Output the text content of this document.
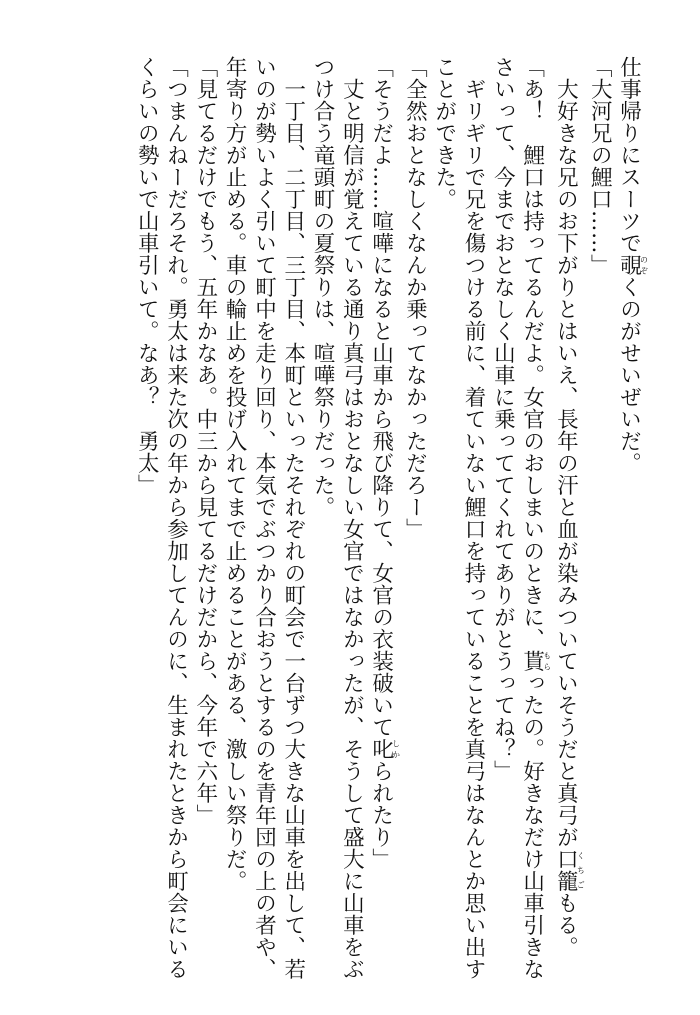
仕事帰りにスーツで覗のぞくのがせいぜいだ。
「大河兄の鯉口……」
　大好きな兄のお下がりとはいえ、長年の汗と血が染みついていそうだと真弓が口籠くちごもる。
「あ！　鯉口は持ってるんだよ。女官のおしまいのときに、貰もらったの。好きなだけ山車引きな
さいって、今までおとなしく山車に乗っててくれてありがとうってね？」
　ギリギリで兄を傷つける前に、着ていない鯉口を持っていることを真弓はなんとか思い出す
ことができた。
「全然おとなしくなんか乗ってなかっただろー」
「そうだよ……喧嘩になると山車から飛び降りて、女官の衣装破いて叱しかられたり」
　丈と明信が覚えている通り真弓はおとなしい女官ではなかったが、そうして盛大に山車をぶ
つけ合う竜頭町の夏祭りは、喧嘩祭りだった。
　一丁目、二丁目、三丁目、本町といったそれぞれの町会で一台ずつ大きな山車を出して、若
いのが勢いよく引いて町中を走り回り、本気でぶつかり合おうとするのを青年団の上の者や、
年寄り方が止める。車の輪止めを投げ入れてまで止めることがある、激しい祭りだ。
「見てるだけでもう、五年かなあ。中三から見てるだけだから、今年で六年」
「つまんねーだろそれ。勇太は来た次の年から参加してんのに、生まれたときから町会にいる
くらいの勢いで山車引いて。なあ？　勇太」
